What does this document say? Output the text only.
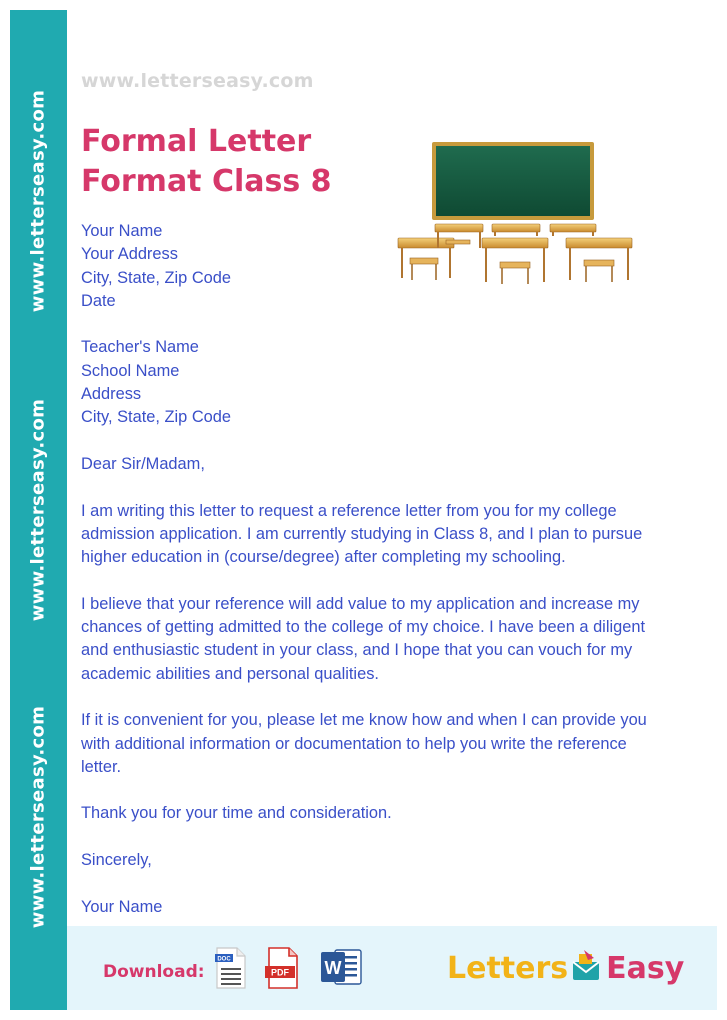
www.letterseasy.com
www.letterseasy.com
www.letterseasy.com
www.letterseasy.com
Formal Letter
Format Class 8

Your Name
Your Address
City, State, Zip Code
Date

Teacher's Name
School Name
Address
City, State, Zip Code

Dear Sir/Madam,

I am writing this letter to request a reference letter from you for my college
admission application. I am currently studying in Class 8, and I plan to pursue
higher education in (course/degree) after completing my schooling.

I believe that your reference will add value to my application and increase my
chances of getting admitted to the college of my choice. I have been a diligent
and enthusiastic student in your class, and I hope that you can vouch for my
academic abilities and personal qualities.

If it is convenient for you, please let me know how and when I can provide you
with additional information or documentation to help you write the reference
letter.

Thank you for your time and consideration.

Sincerely,

Your Name

Download:
DOC
PDF W	Letters Easy
